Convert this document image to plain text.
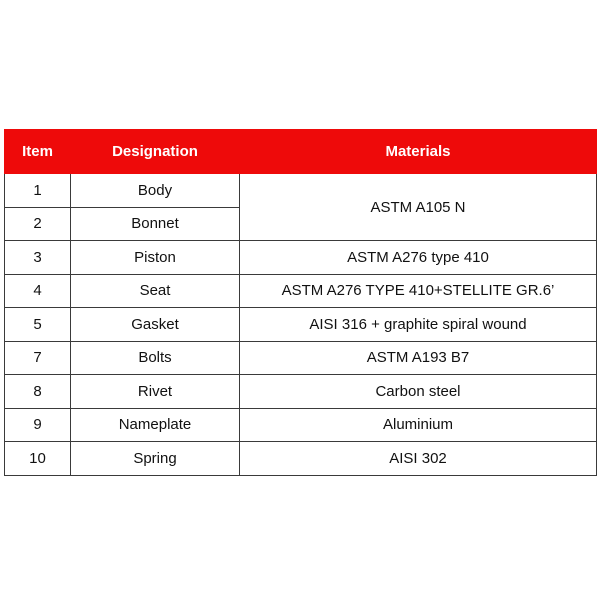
Item	Designation	Materials
1	Body	ASTM A105 N
2	Bonnet	
3	Piston	ASTM A276 type 410
4	Seat	ASTM A276 TYPE 410+STELLITE GR.6’
5	Gasket	AISI 316 + graphite spiral wound
7	Bolts	ASTM A193 B7
8	Rivet	Carbon steel
9	Nameplate	Aluminium
10	Spring	AISI 302
